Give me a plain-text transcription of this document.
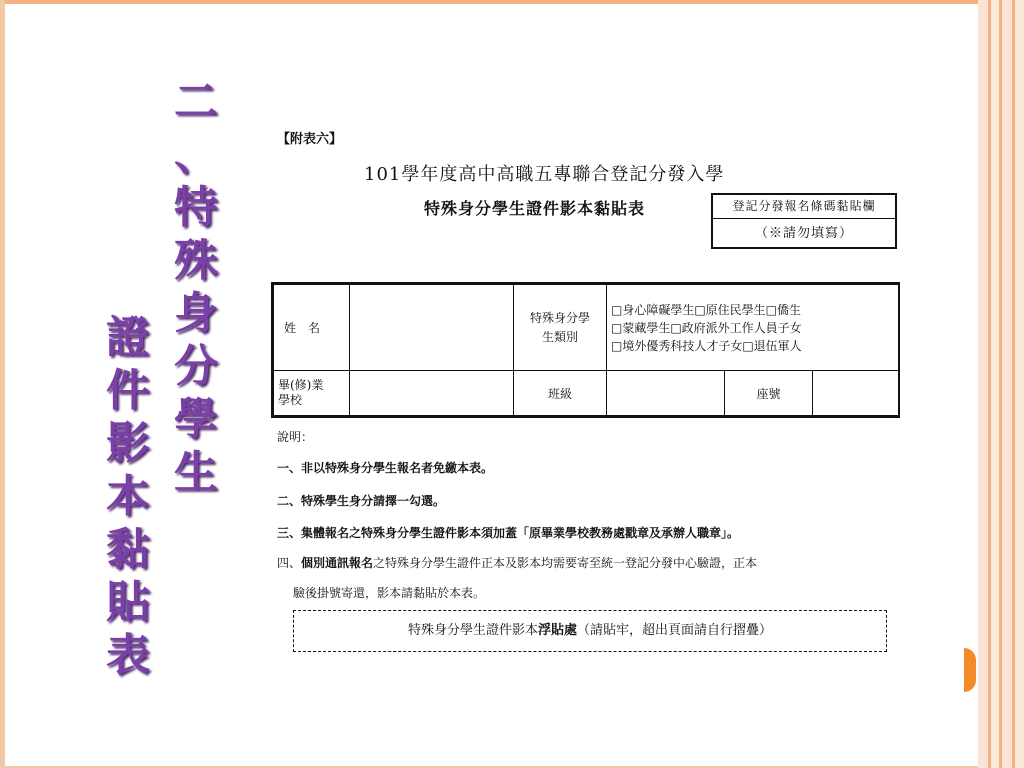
二
、
特
殊
身
分
學
生
證
件
影
本
黏
貼
表
【附表六】
101學年度高中高職五專聯合登記分發入學
特殊身分學生證件影本黏貼表	登記分發報名條碼黏貼欄
（※請勿填寫）
姓　名		特殊身分學生類別	□身心障礙學生□原住民學生□僑生
□蒙藏學生□政府派外工作人員子女
□境外優秀科技人才子女□退伍軍人		

畢(修)業學校		班級		座號	
說明：
一、非以特殊身分學生報名者免繳本表。
二、特殊學生身分請擇一勾選。
三、集體報名之特殊身分學生證件影本須加蓋「原畢業學校教務處戳章及承辦人職章」。
四、個別通訊報名之特殊身分學生證件正本及影本均需要寄至統一登記分發中心驗證，正本
驗後掛號寄還，影本請黏貼於本表。
特殊身分學生證件影本浮貼處（請貼牢，超出頁面請自行摺疊）
